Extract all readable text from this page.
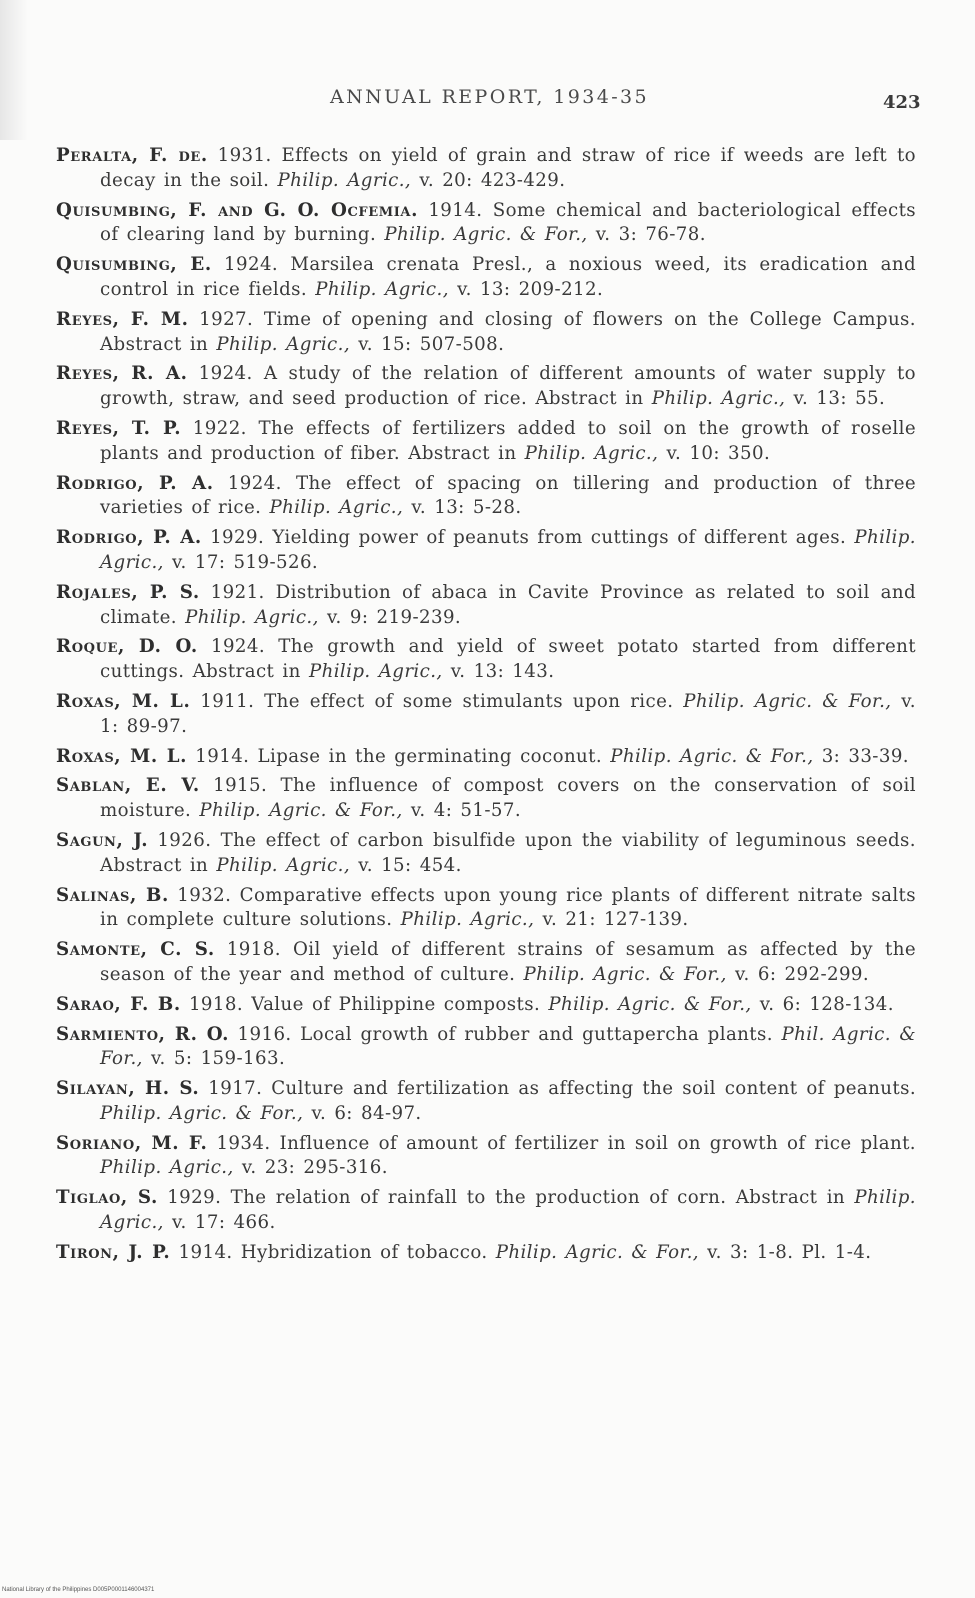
ANNUAL REPORT, 1934-35	423

Peralta, F. de. 1931. Effects on yield of grain and straw of rice if weeds are left to decay in the soil. Philip. Agric., v. 20: 423-429.

Quisumbing, F. and G. O. Ocfemia. 1914. Some chemical and bacteriological effects of clearing land by burning. Philip. Agric. & For., v. 3: 76-78.

Quisumbing, E. 1924. Marsilea crenata Presl., a noxious weed, its eradication and control in rice fields. Philip. Agric., v. 13: 209-212.

Reyes, F. M. 1927. Time of opening and closing of flowers on the College Campus. Abstract in Philip. Agric., v. 15: 507-508.

Reyes, R. A. 1924. A study of the relation of different amounts of water supply to growth, straw, and seed production of rice. Abstract in Philip. Agric., v. 13: 55.

Reyes, T. P. 1922. The effects of fertilizers added to soil on the growth of roselle plants and production of fiber. Abstract in Philip. Agric., v. 10: 350.

Rodrigo, P. A. 1924. The effect of spacing on tillering and production of three varieties of rice. Philip. Agric., v. 13: 5-28.

Rodrigo, P. A. 1929. Yielding power of peanuts from cuttings of different ages. Philip. Agric., v. 17: 519-526.

Rojales, P. S. 1921. Distribution of abaca in Cavite Province as related to soil and climate. Philip. Agric., v. 9: 219-239.

Roque, D. O. 1924. The growth and yield of sweet potato started from different cuttings. Abstract in Philip. Agric., v. 13: 143.

Roxas, M. L. 1911. The effect of some stimulants upon rice. Philip. Agric. & For., v. 1: 89-97.

Roxas, M. L. 1914. Lipase in the germinating coconut. Philip. Agric. & For., 3: 33-39.

Sablan, E. V. 1915. The influence of compost covers on the conservation of soil moisture. Philip. Agric. & For., v. 4: 51-57.

Sagun, J. 1926. The effect of carbon bisulfide upon the viability of leguminous seeds. Abstract in Philip. Agric., v. 15: 454.

Salinas, B. 1932. Comparative effects upon young rice plants of different nitrate salts in complete culture solutions. Philip. Agric., v. 21: 127-139.

Samonte, C. S. 1918. Oil yield of different strains of sesamum as affected by the season of the year and method of culture. Philip. Agric. & For., v. 6: 292-299.

Sarao, F. B. 1918. Value of Philippine composts. Philip. Agric. & For., v. 6: 128-134.

Sarmiento, R. O. 1916. Local growth of rubber and guttapercha plants. Phil. Agric. & For., v. 5: 159-163.

Silayan, H. S. 1917. Culture and fertilization as affecting the soil content of peanuts. Philip. Agric. & For., v. 6: 84-97.

Soriano, M. F. 1934. Influence of amount of fertilizer in soil on growth of rice plant. Philip. Agric., v. 23: 295-316.

Tiglao, S. 1929. The relation of rainfall to the production of corn. Abstract in Philip. Agric., v. 17: 466.

Tiron, J. P. 1914. Hybridization of tobacco. Philip. Agric. & For., v. 3: 1-8. Pl. 1-4.

National Library of the Philippines D005P0001146004371
